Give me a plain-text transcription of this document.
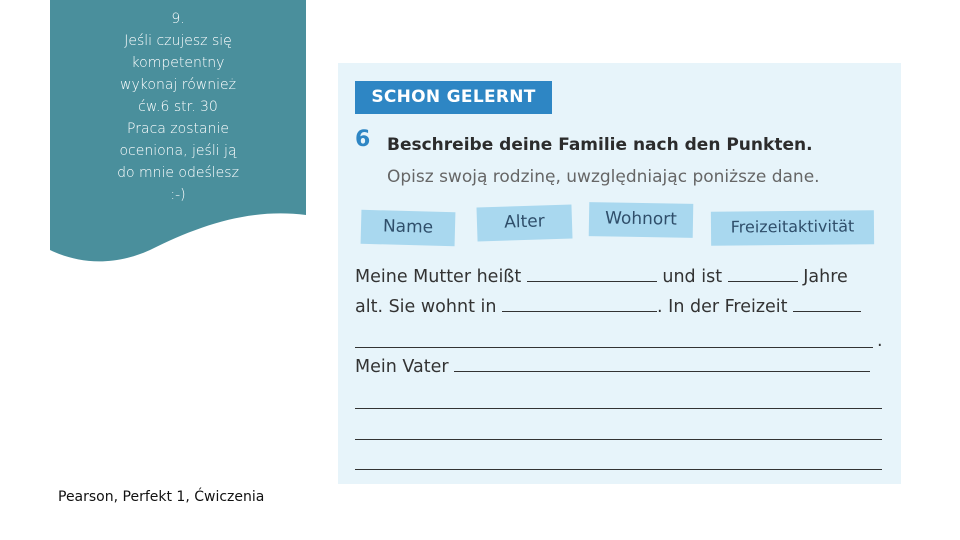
9.
Jeśli czujesz się
kompetentny
wykonaj również
ćw.6 str. 30
Praca zostanie
oceniona, jeśli ją
do mnie odeślesz
:-)
Pearson, Perfekt 1, Ćwiczenia
SCHON GELERNT
6 Beschreibe deine Familie nach den Punkten.
Opisz swoją rodzinę, uwzględniając poniższe dane.
Name	Alter	Wohnort	Freizeitaktivität
Meine Mutter heißt	und ist	Jahre
alt. Sie wohnt in	. In der Freizeit
.
Mein Vater
